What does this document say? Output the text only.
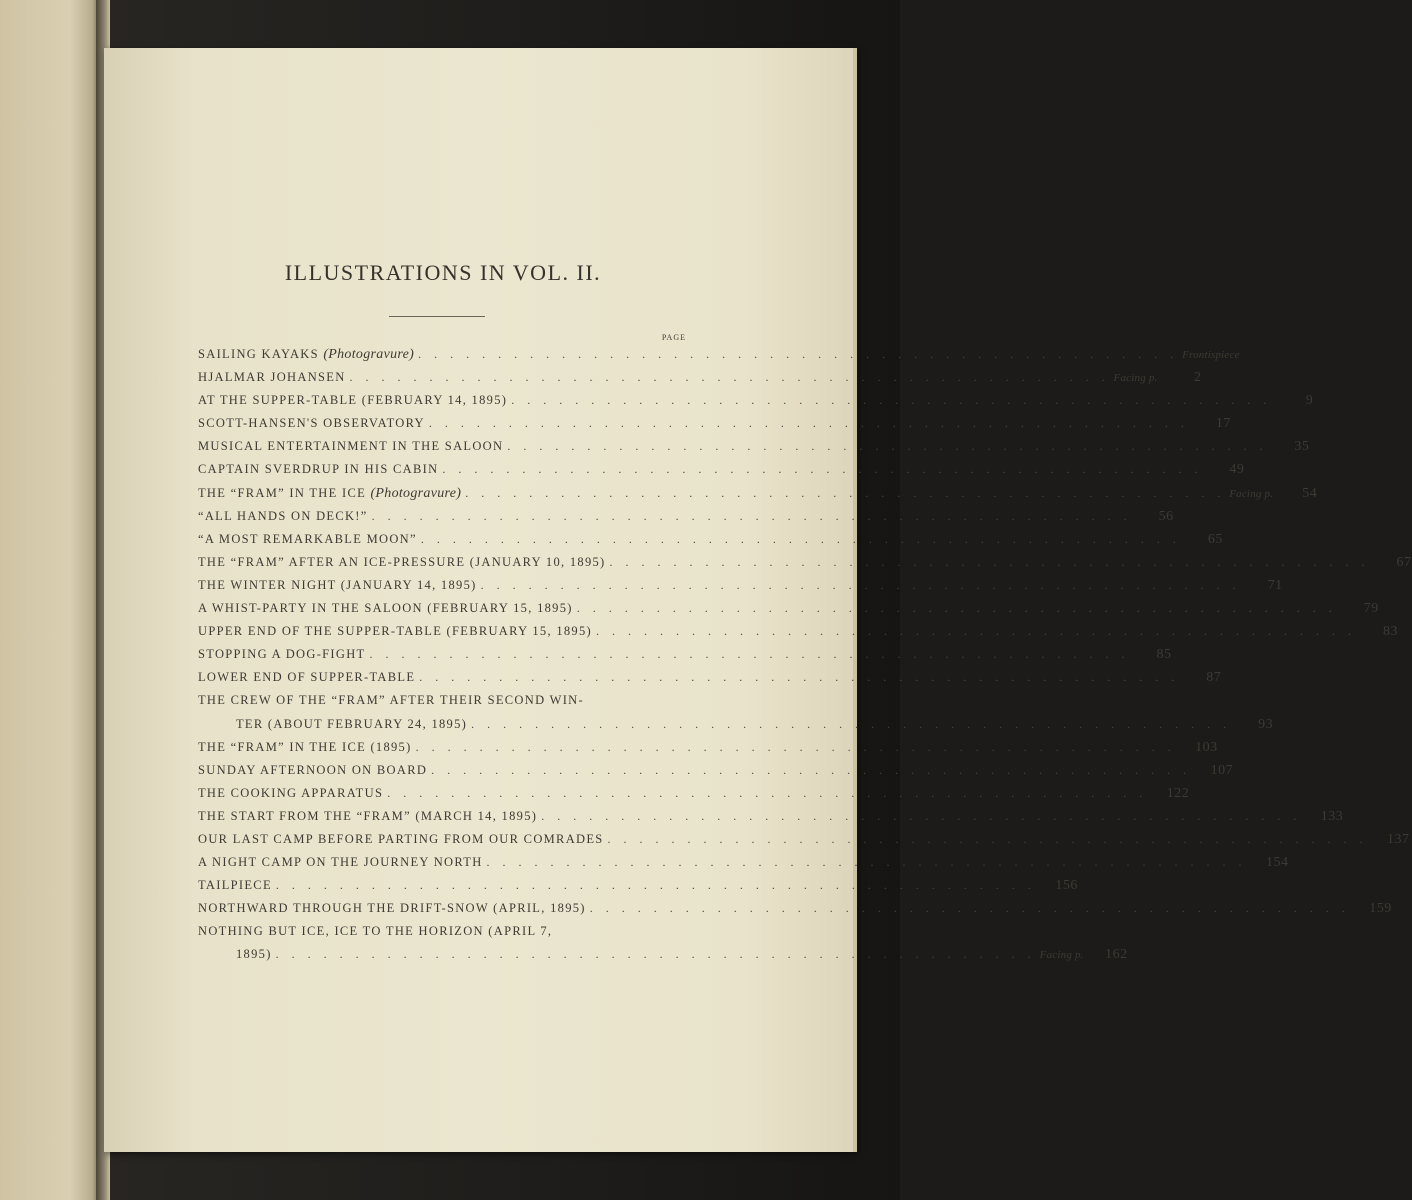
ILLUSTRATIONS IN VOL. II.
PAGE
SAILING KAYAKS (Photogravure) . . . . . . . . . . . . . . . . . . . . . . . . . . . . . . . . . . . . . . . . . . . . . . . . Frontispiece
HJALMAR JOHANSEN . . . . . . . . . . . . . . . . . . . . . . . . . . . . . . . . . . . . . . . . . . . . . . . . Facing p.	2
AT THE SUPPER-TABLE (FEBRUARY 14, 1895) . . . . . . . . . . . . . . . . . . . . . . . . . . . . . . . . . . . . . . . . . . . . . . . .	9
SCOTT-HANSEN'S OBSERVATORY . . . . . . . . . . . . . . . . . . . . . . . . . . . . . . . . . . . . . . . . . . . . . . . .	17
MUSICAL ENTERTAINMENT IN THE SALOON . . . . . . . . . . . . . . . . . . . . . . . . . . . . . . . . . . . . . . . . . . . . . . . .	35
CAPTAIN SVERDRUP IN HIS CABIN . . . . . . . . . . . . . . . . . . . . . . . . . . . . . . . . . . . . . . . . . . . . . . . .	49
THE “FRAM” IN THE ICE (Photogravure) . . . . . . . . . . . . . . . . . . . . . . . . . . . . . . . . . . . . . . . . . . . . . . . . Facing p.	54
“ALL HANDS ON DECK!” . . . . . . . . . . . . . . . . . . . . . . . . . . . . . . . . . . . . . . . . . . . . . . . .	56
“A MOST REMARKABLE MOON” . . . . . . . . . . . . . . . . . . . . . . . . . . . . . . . . . . . . . . . . . . . . . . . .	65
THE “FRAM” AFTER AN ICE-PRESSURE (JANUARY 10, 1895) . . . . . . . . . . . . . . . . . . . . . . . . . . . . . . . . . . . . . . . . . . . . . . . .	67
THE WINTER NIGHT (JANUARY 14, 1895) . . . . . . . . . . . . . . . . . . . . . . . . . . . . . . . . . . . . . . . . . . . . . . . .	71
A WHIST-PARTY IN THE SALOON (FEBRUARY 15, 1895) . . . . . . . . . . . . . . . . . . . . . . . . . . . . . . . . . . . . . . . . . . . . . . . .	79
UPPER END OF THE SUPPER-TABLE (FEBRUARY 15, 1895) . . . . . . . . . . . . . . . . . . . . . . . . . . . . . . . . . . . . . . . . . . . . . . . .	83
STOPPING A DOG-FIGHT . . . . . . . . . . . . . . . . . . . . . . . . . . . . . . . . . . . . . . . . . . . . . . . .	85
LOWER END OF SUPPER-TABLE . . . . . . . . . . . . . . . . . . . . . . . . . . . . . . . . . . . . . . . . . . . . . . . .	87
THE CREW OF THE “FRAM” AFTER THEIR SECOND WIN-
TER (ABOUT FEBRUARY 24, 1895) . . . . . . . . . . . . . . . . . . . . . . . . . . . . . . . . . . . . . . . . . . . . . . . .	93
THE “FRAM” IN THE ICE (1895) . . . . . . . . . . . . . . . . . . . . . . . . . . . . . . . . . . . . . . . . . . . . . . . .	103
SUNDAY AFTERNOON ON BOARD . . . . . . . . . . . . . . . . . . . . . . . . . . . . . . . . . . . . . . . . . . . . . . . .	107
THE COOKING APPARATUS . . . . . . . . . . . . . . . . . . . . . . . . . . . . . . . . . . . . . . . . . . . . . . . .	122
THE START FROM THE “FRAM” (MARCH 14, 1895) . . . . . . . . . . . . . . . . . . . . . . . . . . . . . . . . . . . . . . . . . . . . . . . .	133
OUR LAST CAMP BEFORE PARTING FROM OUR COMRADES . . . . . . . . . . . . . . . . . . . . . . . . . . . . . . . . . . . . . . . . . . . . . . . .	137
A NIGHT CAMP ON THE JOURNEY NORTH . . . . . . . . . . . . . . . . . . . . . . . . . . . . . . . . . . . . . . . . . . . . . . . .	154
TAILPIECE . . . . . . . . . . . . . . . . . . . . . . . . . . . . . . . . . . . . . . . . . . . . . . . .	156
NORTHWARD THROUGH THE DRIFT-SNOW (APRIL, 1895) . . . . . . . . . . . . . . . . . . . . . . . . . . . . . . . . . . . . . . . . . . . . . . . .	159
NOTHING BUT ICE, ICE TO THE HORIZON (APRIL 7,
1895) . . . . . . . . . . . . . . . . . . . . . . . . . . . . . . . . . . . . . . . . . . . . . . . . Facing p.	162
